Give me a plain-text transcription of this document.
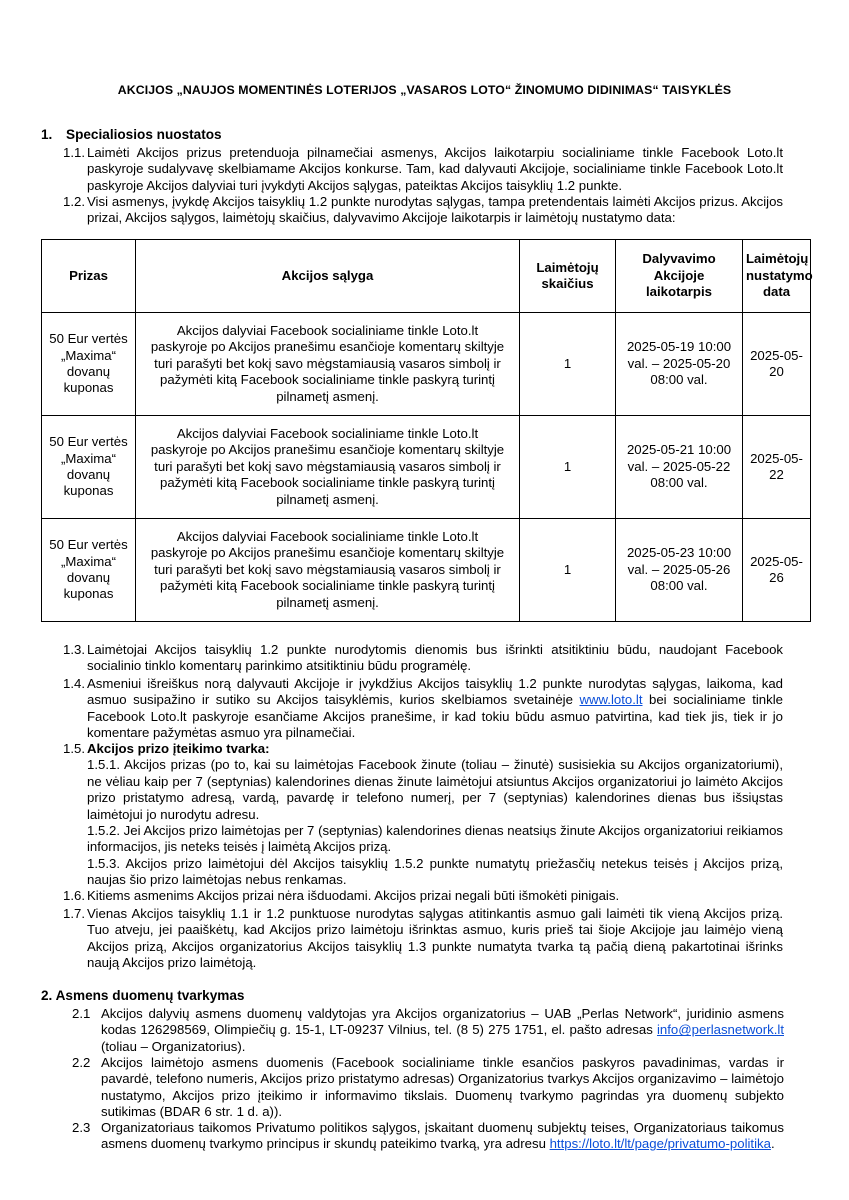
AKCIJOS „NAUJOS MOMENTINĖS LOTERIJOS „VASAROS LOTO“ ŽINOMUMO DIDINIMAS“ TAISYKLĖS
1. Specialiosios nuostatos
1.1. Laimėti Akcijos prizus pretenduoja pilnamečiai asmenys, Akcijos laikotarpiu socialiniame tinkle Facebook Loto.lt paskyroje sudalyvavę skelbiamame Akcijos konkurse. Tam, kad dalyvauti Akcijoje, socialiniame tinkle Facebook Loto.lt paskyroje Akcijos dalyviai turi įvykdyti Akcijos sąlygas, pateiktas Akcijos taisyklių 1.2 punkte.
1.2. Visi asmenys, įvykdę Akcijos taisyklių 1.2 punkte nurodytas sąlygas, tampa pretendentais laimėti Akcijos prizus. Akcijos prizai, Akcijos sąlygos, laimėtojų skaičius, dalyvavimo Akcijoje laikotarpis ir laimėtojų nustatymo data:
Prizas	Akcijos sąlyga	Laimėtojų skaičius	Dalyvavimo Akcijoje laikotarpis	Laimėtojų nustatymo data
50 Eur vertės „Maxima“ dovanų kuponas	Akcijos dalyviai Facebook socialiniame tinkle Loto.lt paskyroje po Akcijos pranešimu esančioje komentarų skiltyje turi parašyti bet kokį savo mėgstamiausią vasaros simbolį ir pažymėti kitą Facebook socialiniame tinkle paskyrą turintį pilnametį asmenį.	1	2025-05-19 10:00 val. – 2025-05-20 08:00 val.	2025-05-20
50 Eur vertės „Maxima“ dovanų kuponas	Akcijos dalyviai Facebook socialiniame tinkle Loto.lt paskyroje po Akcijos pranešimu esančioje komentarų skiltyje turi parašyti bet kokį savo mėgstamiausią vasaros simbolį ir pažymėti kitą Facebook socialiniame tinkle paskyrą turintį pilnametį asmenį.	1	2025-05-21 10:00 val. – 2025-05-22 08:00 val.	2025-05-22
50 Eur vertės „Maxima“ dovanų kuponas	Akcijos dalyviai Facebook socialiniame tinkle Loto.lt paskyroje po Akcijos pranešimu esančioje komentarų skiltyje turi parašyti bet kokį savo mėgstamiausią vasaros simbolį ir pažymėti kitą Facebook socialiniame tinkle paskyrą turintį pilnametį asmenį.	1	2025-05-23 10:00 val. – 2025-05-26 08:00 val.	2025-05-26
1.3. Laimėtojai Akcijos taisyklių 1.2 punkte nurodytomis dienomis bus išrinkti atsitiktiniu būdu, naudojant Facebook socialinio tinklo komentarų parinkimo atsitiktiniu būdu programėlę.
1.4. Asmeniui išreiškus norą dalyvauti Akcijoje ir įvykdžius Akcijos taisyklių 1.2 punkte nurodytas sąlygas, laikoma, kad asmuo susipažino ir sutiko su Akcijos taisyklėmis, kurios skelbiamos svetainėje www.loto.lt bei socialiniame tinkle Facebook Loto.lt paskyroje esančiame Akcijos pranešime, ir kad tokiu būdu asmuo patvirtina, kad tiek jis, tiek ir jo komentare pažymėtas asmuo yra pilnamečiai.
1.5. Akcijos prizo įteikimo tvarka:
1.5.1. Akcijos prizas (po to, kai su laimėtojas Facebook žinute (toliau – žinutė) susisiekia su Akcijos organizatoriumi), ne vėliau kaip per 7 (septynias) kalendorines dienas žinute laimėtojui atsiuntus Akcijos organizatoriui jo laimėto Akcijos prizo pristatymo adresą, vardą, pavardę ir telefono numerį, per 7 (septynias) kalendorines dienas bus išsiųstas laimėtojui jo nurodytu adresu.
1.5.2. Jei Akcijos prizo laimėtojas per 7 (septynias) kalendorines dienas neatsiųs žinute Akcijos organizatoriui reikiamos informacijos, jis neteks teisės į laimėtą Akcijos prizą.
1.5.3. Akcijos prizo laimėtojui dėl Akcijos taisyklių 1.5.2 punkte numatytų priežasčių netekus teisės į Akcijos prizą, naujas šio prizo laimėtojas nebus renkamas.
1.6. Kitiems asmenims Akcijos prizai nėra išduodami. Akcijos prizai negali būti išmokėti pinigais.
1.7. Vienas Akcijos taisyklių 1.1 ir 1.2 punktuose nurodytas sąlygas atitinkantis asmuo gali laimėti tik vieną Akcijos prizą. Tuo atveju, jei paaiškėtų, kad Akcijos prizo laimėtoju išrinktas asmuo, kuris prieš tai šioje Akcijoje jau laimėjo vieną Akcijos prizą, Akcijos organizatorius Akcijos taisyklių 1.3 punkte numatyta tvarka tą pačią dieną pakartotinai išrinks naują Akcijos prizo laimėtoją.
2. Asmens duomenų tvarkymas
2.1 Akcijos dalyvių asmens duomenų valdytojas yra Akcijos organizatorius – UAB „Perlas Network“, juridinio asmens kodas 126298569, Olimpiečių g. 15-1, LT-09237 Vilnius, tel. (8 5) 275 1751, el. pašto adresas info@perlasnetwork.lt (toliau – Organizatorius).
2.2 Akcijos laimėtojo asmens duomenis (Facebook socialiniame tinkle esančios paskyros pavadinimas, vardas ir pavardė, telefono numeris, Akcijos prizo pristatymo adresas) Organizatorius tvarkys Akcijos organizavimo – laimėtojo nustatymo, Akcijos prizo įteikimo ir informavimo tikslais. Duomenų tvarkymo pagrindas yra duomenų subjekto sutikimas (BDAR 6 str. 1 d. a)).
2.3 Organizatoriaus taikomos Privatumo politikos sąlygos, įskaitant duomenų subjektų teises, Organizatoriaus taikomus asmens duomenų tvarkymo principus ir skundų pateikimo tvarką, yra adresu https://loto.lt/lt/page/privatumo-politika.
